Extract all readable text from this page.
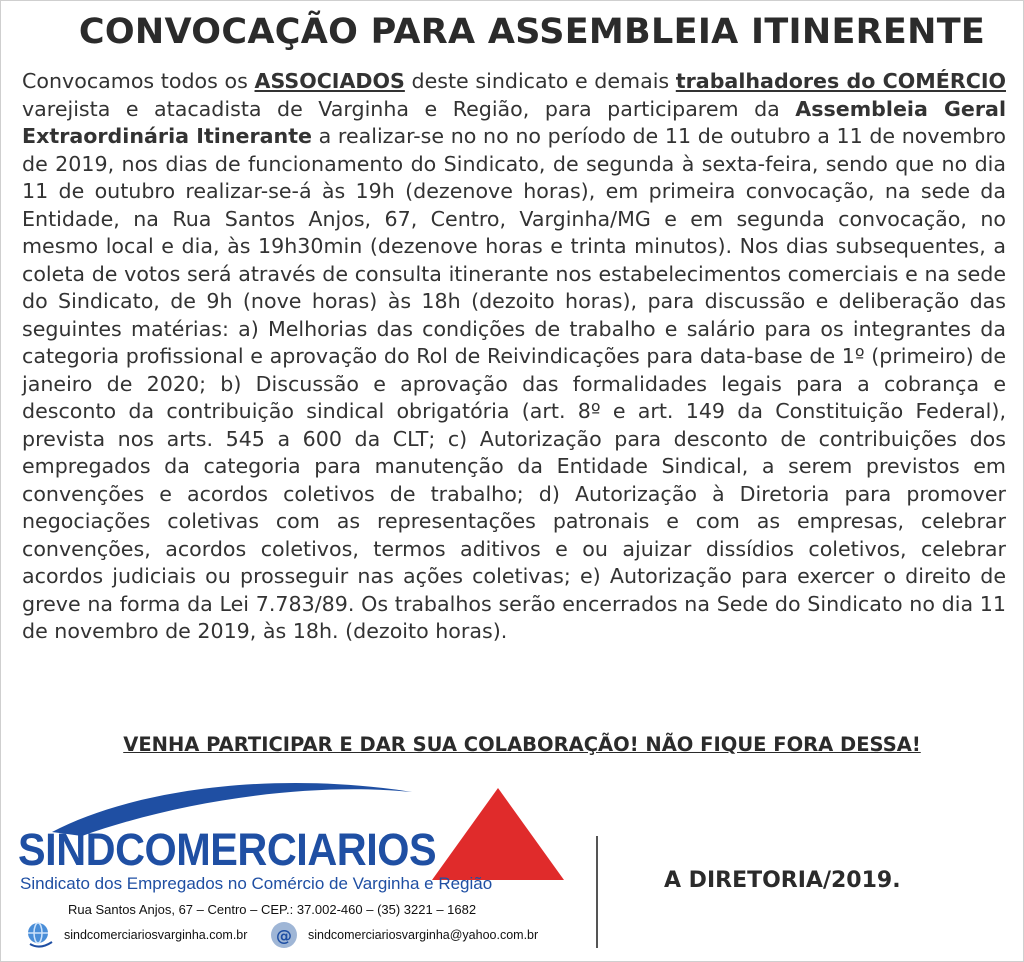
CONVOCAÇÃO PARA ASSEMBLEIA ITINERENTE
Convocamos todos os ASSOCIADOS deste sindicato e demais trabalhadores do COMÉRCIO varejista e atacadista de Varginha e Região, para participarem da Assembleia Geral Extraordinária Itinerante a realizar-se no no no período de 11 de outubro a 11 de novembro de 2019, nos dias de funcionamento do Sindicato, de segunda à sexta-feira, sendo que no dia 11 de outubro realizar-se-á às 19h (dezenove horas), em primeira convocação, na sede da Entidade, na Rua Santos Anjos, 67, Centro, Varginha/MG e em segunda convocação, no mesmo local e dia, às 19h30min (dezenove horas e trinta minutos). Nos dias subsequentes, a coleta de votos será através de consulta itinerante nos estabelecimentos comerciais e na sede do Sindicato, de 9h (nove horas) às 18h (dezoito horas), para discussão e deliberação das seguintes matérias: a) Melhorias das condições de trabalho e salário para os integrantes da categoria profissional e aprovação do Rol de Reivindicações para data-base de 1º (primeiro) de janeiro de 2020; b) Discussão e aprovação das formalidades legais para a cobrança e desconto da contribuição sindical obrigatória (art. 8º e art. 149 da Constituição Federal), prevista nos arts. 545 a 600 da CLT; c) Autorização para desconto de contribuições dos empregados da categoria para manutenção da Entidade Sindical, a serem previstos em convenções e acordos coletivos de trabalho; d) Autorização à Diretoria para promover negociações coletivas com as representações patronais e com as empresas, celebrar convenções, acordos coletivos, termos aditivos e ou ajuizar dissídios coletivos, celebrar acordos judiciais ou prosseguir nas ações coletivas; e) Autorização para exercer o direito de greve na forma da Lei 7.783/89. Os trabalhos serão encerrados na Sede do Sindicato no dia 11 de novembro de 2019, às 18h. (dezoito horas).
VENHA PARTICIPAR E DAR SUA COLABORAÇÃO! NÃO FIQUE FORA DESSA!
SINDCOMERCIARIOS
Sindicato dos Empregados no Comércio de Varginha e Região
Rua Santos Anjos, 67 – Centro – CEP.: 37.002-460 – (35) 3221 – 1682
sindcomerciariosvarginha.com.br @ sindcomerciariosvarginha@yahoo.com.br
A DIRETORIA/2019.
